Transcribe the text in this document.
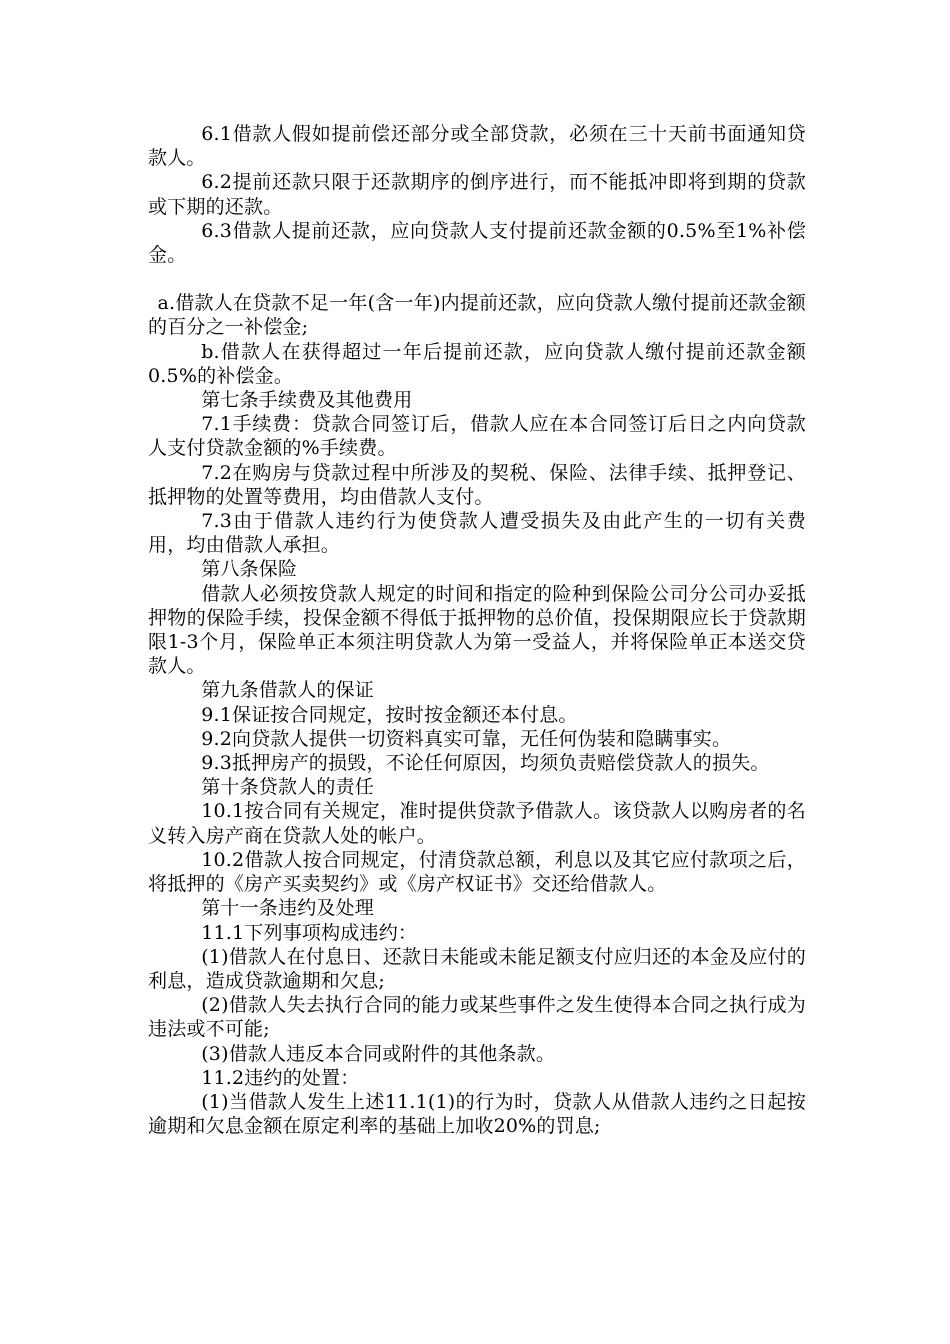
6.1借款人假如提前偿还部分或全部贷款，必须在三十天前书面通知贷款人。

6.2提前还款只限于还款期序的倒序进行，而不能抵冲即将到期的贷款或下期的还款。

6.3借款人提前还款，应向贷款人支付提前还款金额的0.5%至1%补偿金。

a.借款人在贷款不足一年(含一年)内提前还款，应向贷款人缴付提前还款金额的百分之一补偿金;

b.借款人在获得超过一年后提前还款，应向贷款人缴付提前还款金额0.5%的补偿金。

第七条手续费及其他费用

7.1手续费：贷款合同签订后，借款人应在本合同签订后日之内向贷款人支付贷款金额的%手续费。

7.2在购房与贷款过程中所涉及的契税、保险、法律手续、抵押登记、抵押物的处置等费用，均由借款人支付。

7.3由于借款人违约行为使贷款人遭受损失及由此产生的一切有关费用，均由借款人承担。

第八条保险

借款人必须按贷款人规定的时间和指定的险种到保险公司分公司办妥抵押物的保险手续，投保金额不得低于抵押物的总价值，投保期限应长于贷款期限1-3个月，保险单正本须注明贷款人为第一受益人，并将保险单正本送交贷款人。

第九条借款人的保证

9.1保证按合同规定，按时按金额还本付息。

9.2向贷款人提供一切资料真实可靠，无任何伪装和隐瞒事实。

9.3抵押房产的损毁，不论任何原因，均须负责赔偿贷款人的损失。

第十条贷款人的责任

10.1按合同有关规定，准时提供贷款予借款人。该贷款人以购房者的名义转入房产商在贷款人处的帐户。

10.2借款人按合同规定，付清贷款总额，利息以及其它应付款项之后，将抵押的《房产买卖契约》或《房产权证书》交还给借款人。

第十一条违约及处理

11.1下列事项构成违约：

(1)借款人在付息日、还款日未能或未能足额支付应归还的本金及应付的利息，造成贷款逾期和欠息;

(2)借款人失去执行合同的能力或某些事件之发生使得本合同之执行成为违法或不可能;

(3)借款人违反本合同或附件的其他条款。

11.2违约的处置：

(1)当借款人发生上述11.1(1)的行为时，贷款人从借款人违约之日起按逾期和欠息金额在原定利率的基础上加收20%的罚息;
